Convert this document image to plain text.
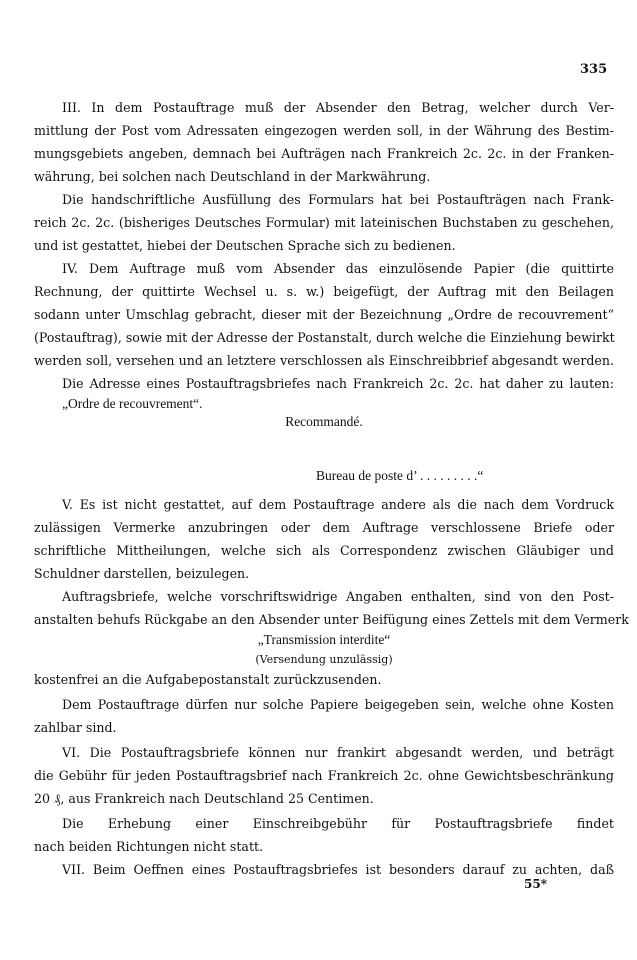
335
III. In dem Postauftrage muß der Absender den Betrag, welcher durch Ver-
mittlung der Post vom Adressaten eingezogen werden soll, in der Währung des Bestim-
mungsgebiets angeben, demnach bei Aufträgen nach Frankreich 2c. 2c. in der Franken-
währung, bei solchen nach Deutschland in der Markwährung.
Die handschriftliche Ausfüllung des Formulars hat bei Postaufträgen nach Frank-
reich 2c. 2c. (bisheriges Deutsches Formular) mit lateinischen Buchstaben zu geschehen,
und ist gestattet, hiebei der Deutschen Sprache sich zu bedienen.
IV. Dem Auftrage muß vom Absender das einzulösende Papier (die quittirte
Rechnung, der quittirte Wechsel u. s. w.) beigefügt, der Auftrag mit den Beilagen
sodann unter Umschlag gebracht, dieser mit der Bezeichnung „Ordre de recouvrement“
(Postauftrag), sowie mit der Adresse der Postanstalt, durch welche die Einziehung bewirkt
werden soll, versehen und an letztere verschlossen als Einschreibbrief abgesandt werden.
Die Adresse eines Postauftragsbriefes nach Frankreich 2c. 2c. hat daher zu lauten:
„Ordre de recouvrement“.
Recommandé.
Bureau de poste d’ . . . . . . . . .“
V. Es ist nicht gestattet, auf dem Postauftrage andere als die nach dem Vordruck
zulässigen Vermerke anzubringen oder dem Auftrage verschlossene Briefe oder
schriftliche Mittheilungen, welche sich als Correspondenz zwischen Gläubiger und
Schuldner darstellen, beizulegen.
Auftragsbriefe, welche vorschriftswidrige Angaben enthalten, sind von den Post-
anstalten behufs Rückgabe an den Absender unter Beifügung eines Zettels mit dem Vermerk
„Transmission interdite“
(Versendung unzulässig)
kostenfrei an die Aufgabepostanstalt zurückzusenden.
Dem Postauftrage dürfen nur solche Papiere beigegeben sein, welche ohne Kosten
zahlbar sind.
VI. Die Postauftragsbriefe können nur frankirt abgesandt werden, und beträgt
die Gebühr für jeden Postauftragsbrief nach Frankreich 2c. ohne Gewichtsbeschränkung
20 ₰, aus Frankreich nach Deutschland 25 Centimen.
Die Erhebung einer Einschreibgebühr für Postauftragsbriefe findet
nach beiden Richtungen nicht statt.
VII. Beim Oeffnen eines Postauftragsbriefes ist besonders darauf zu achten, daß
55*
